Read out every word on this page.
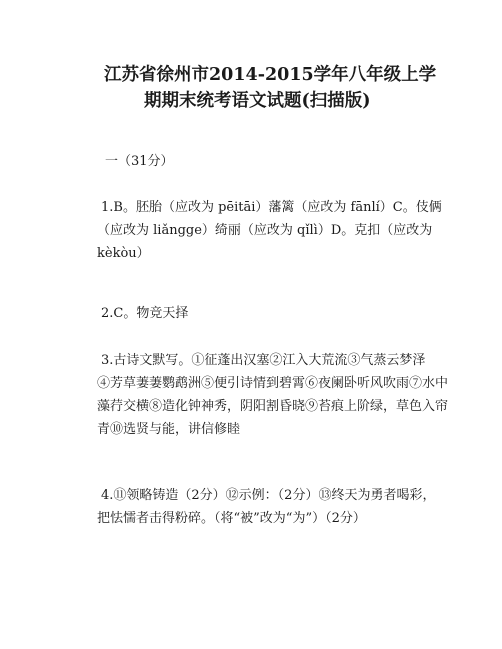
江苏省徐州市2014-2015学年八年级上学
期期末统考语文试题(扫描版)
一（31分）
1.B。胚胎（应改为 pēitāi）藩篱（应改为 fānlí）C。伎俩
（应改为 liǎngge）绮丽（应改为 qǐlì）D。克扣（应改为
kèkòu）
2.C。物竞天择
3.古诗文默写。①征蓬出汉塞②江入大荒流③气蒸云梦泽
④芳草萋萋鹦鹉洲⑤便引诗情到碧霄⑥夜阑卧听风吹雨⑦水中
藻荇交横⑧造化钟神秀，阴阳割昏晓⑨苔痕上阶绿，草色入帘
青⑩选贤与能，讲信修睦
4.⑪领略铸造（2分）⑫示例：（2分）⑬终天为勇者喝彩，
把怯懦者击得粉碎。（将“被”改为“为”）（2分）
